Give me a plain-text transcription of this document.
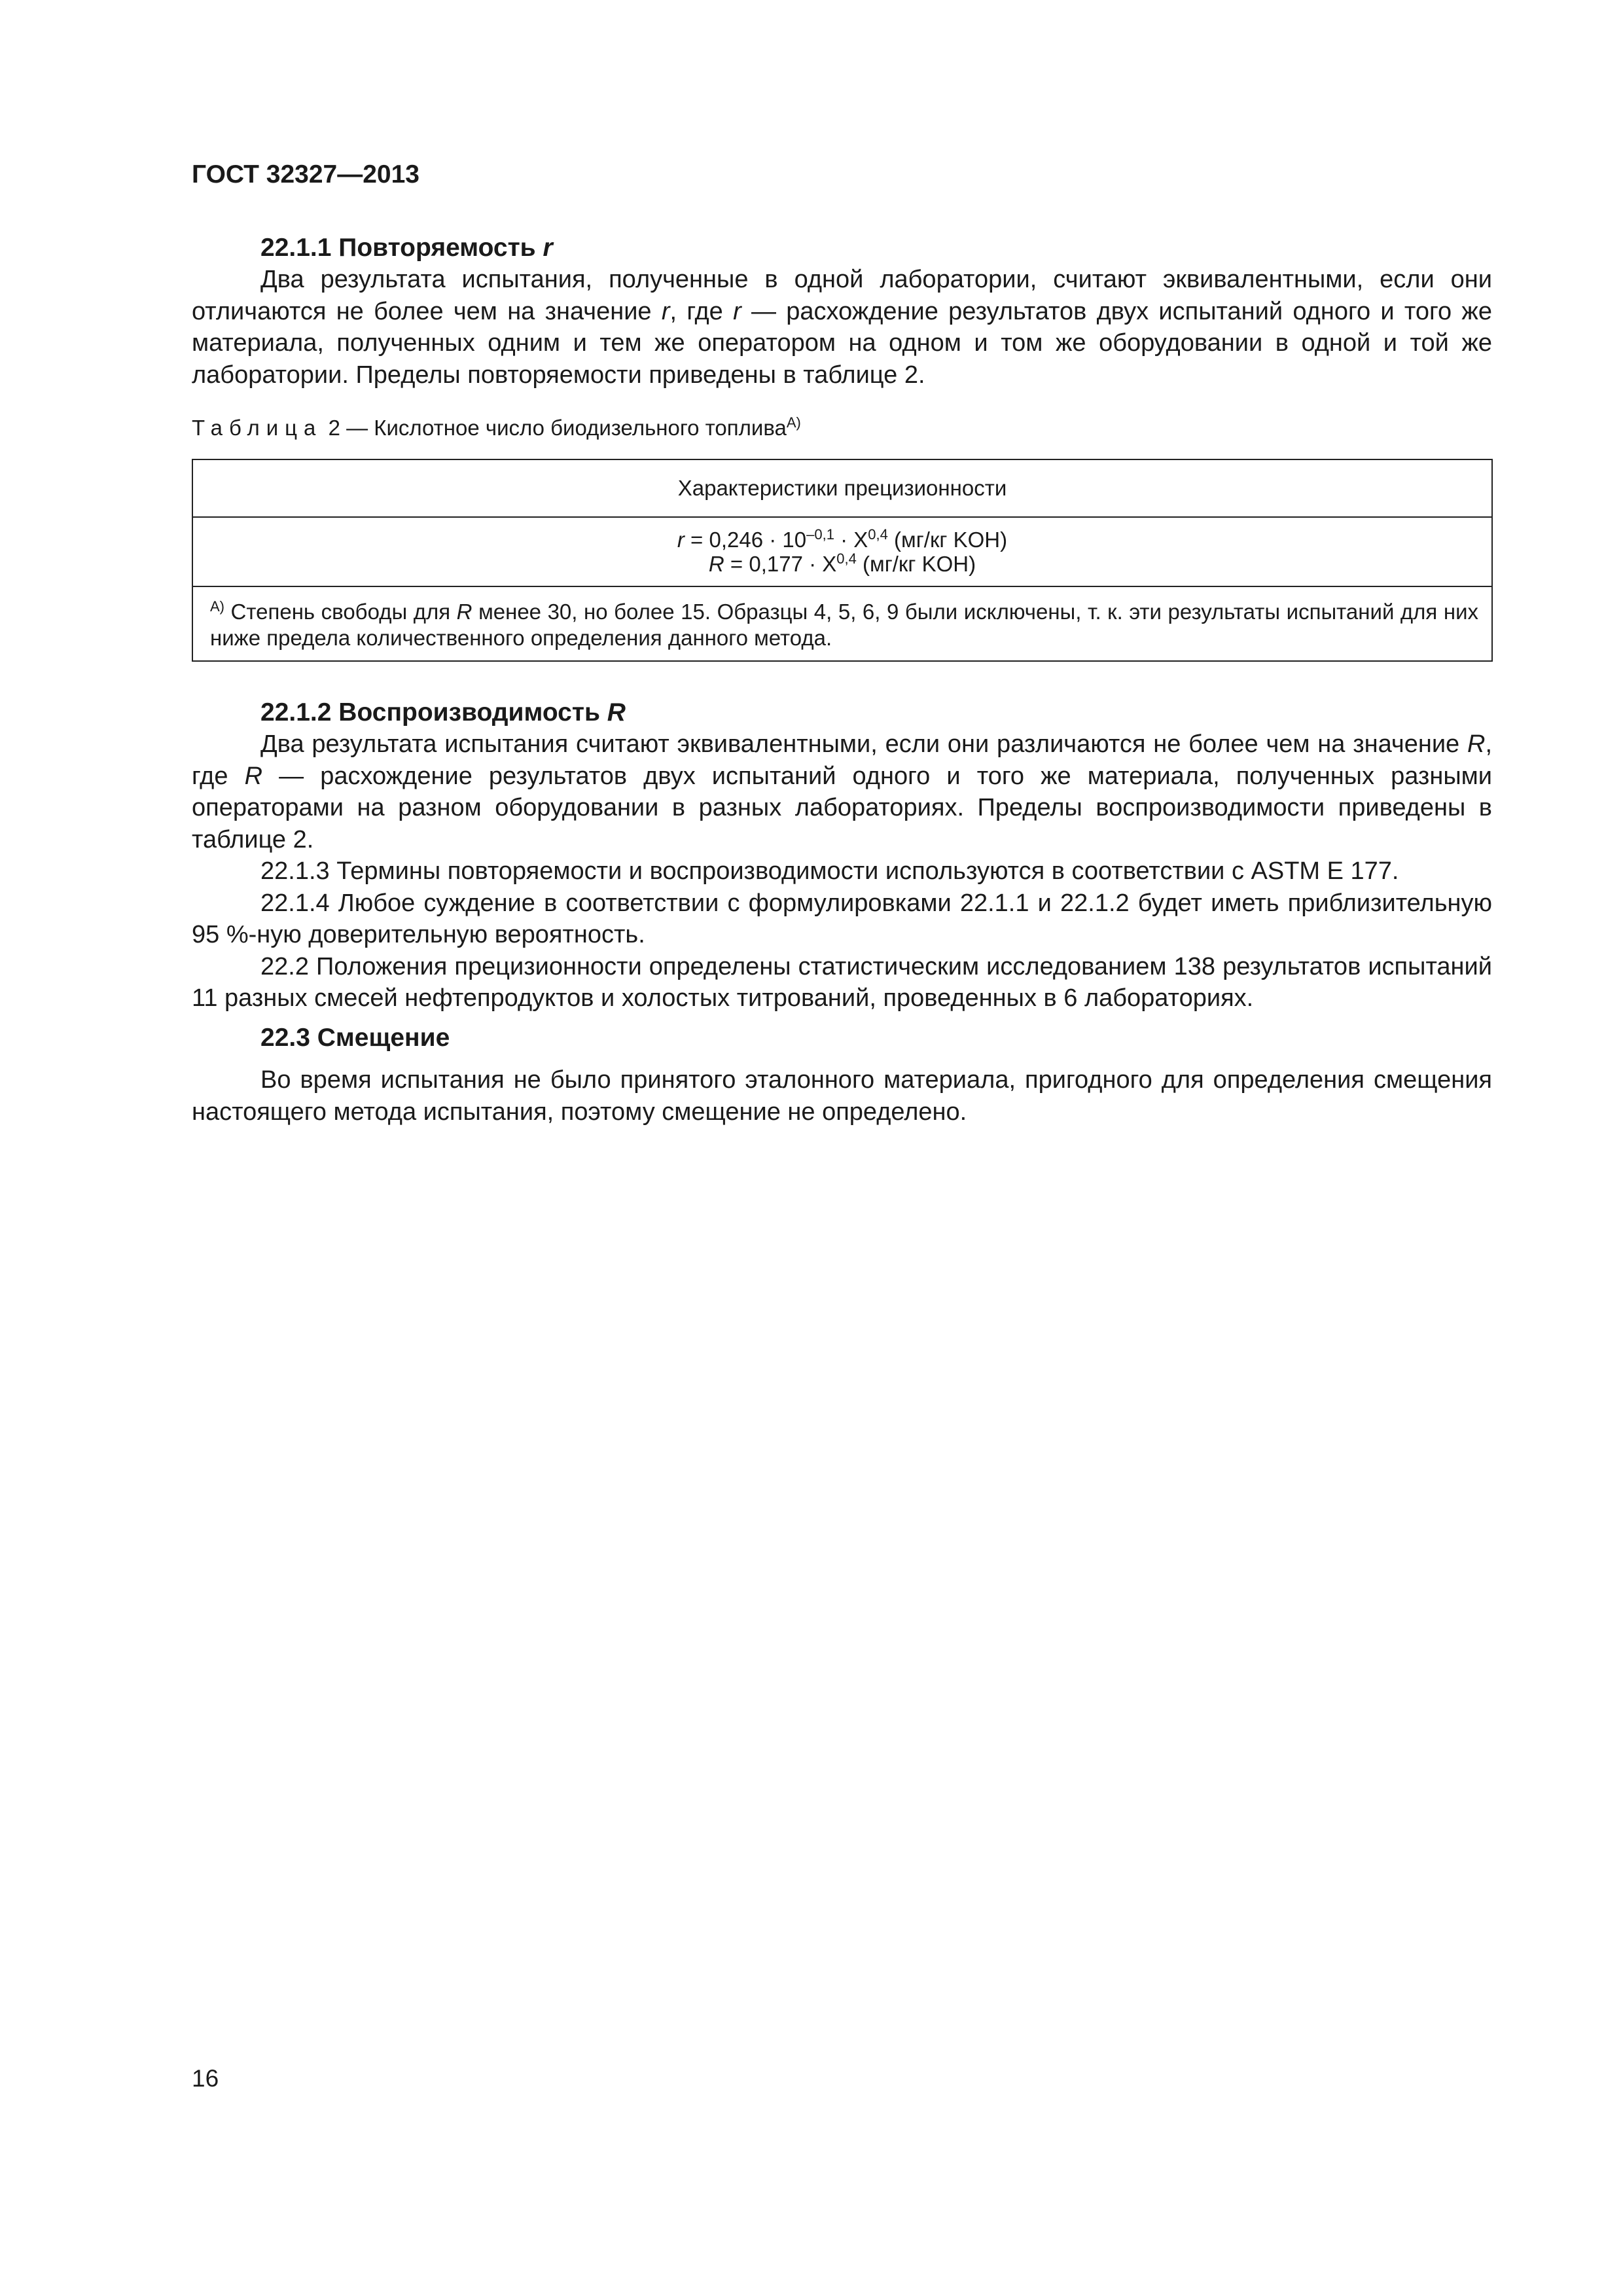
ГОСТ 32327—2013

22.1.1 Повторяемость r

Два результата испытания, полученные в одной лаборатории, считают эквивалентными, если они отличаются не более чем на значение r, где r — расхождение результатов двух испытаний одного и того же материала, полученных одним и тем же оператором на одном и том же оборудовании в одной и той же лаборатории. Пределы повторяемости приведены в таблице 2.

Таблица 2 — Кислотное число биодизельного топлива$^{A)}$

Характеристики прецизионности

$r = 0,246 \cdot 10^{-0,1} \cdot X^{0,4}$ (мг/кг KOH)
R = 0,177 · X$^{0,4}$ (мг/кг KOH)

$^{A)}$ Степень свободы для R менее 30, но более 15. Образцы 4, 5, 6, 9 были исключены, т. к. эти результаты испытаний для них ниже предела количественного определения данного метода.

22.1.2 Воспроизводимость R

Два результата испытания считают эквивалентными, если они различаются не более чем на значение R, где R — расхождение результатов двух испытаний одного и того же материала, полученных разными операторами на разном оборудовании в разных лабораториях. Пределы воспроизводимости приведены в таблице 2.

22.1.3 Термины повторяемости и воспроизводимости используются в соответствии с ASTM E 177.

22.1.4 Любое суждение в соответствии с формулировками 22.1.1 и 22.1.2 будет иметь приблизительную 95 %-ную доверительную вероятность.

22.2 Положения прецизионности определены статистическим исследованием 138 результатов испытаний 11 разных смесей нефтепродуктов и холостых титрований, проведенных в 6 лабораториях.

22.3 Смещение

Во время испытания не было принятого эталонного материала, пригодного для определения смещения настоящего метода испытания, поэтому смещение не определено.

16
